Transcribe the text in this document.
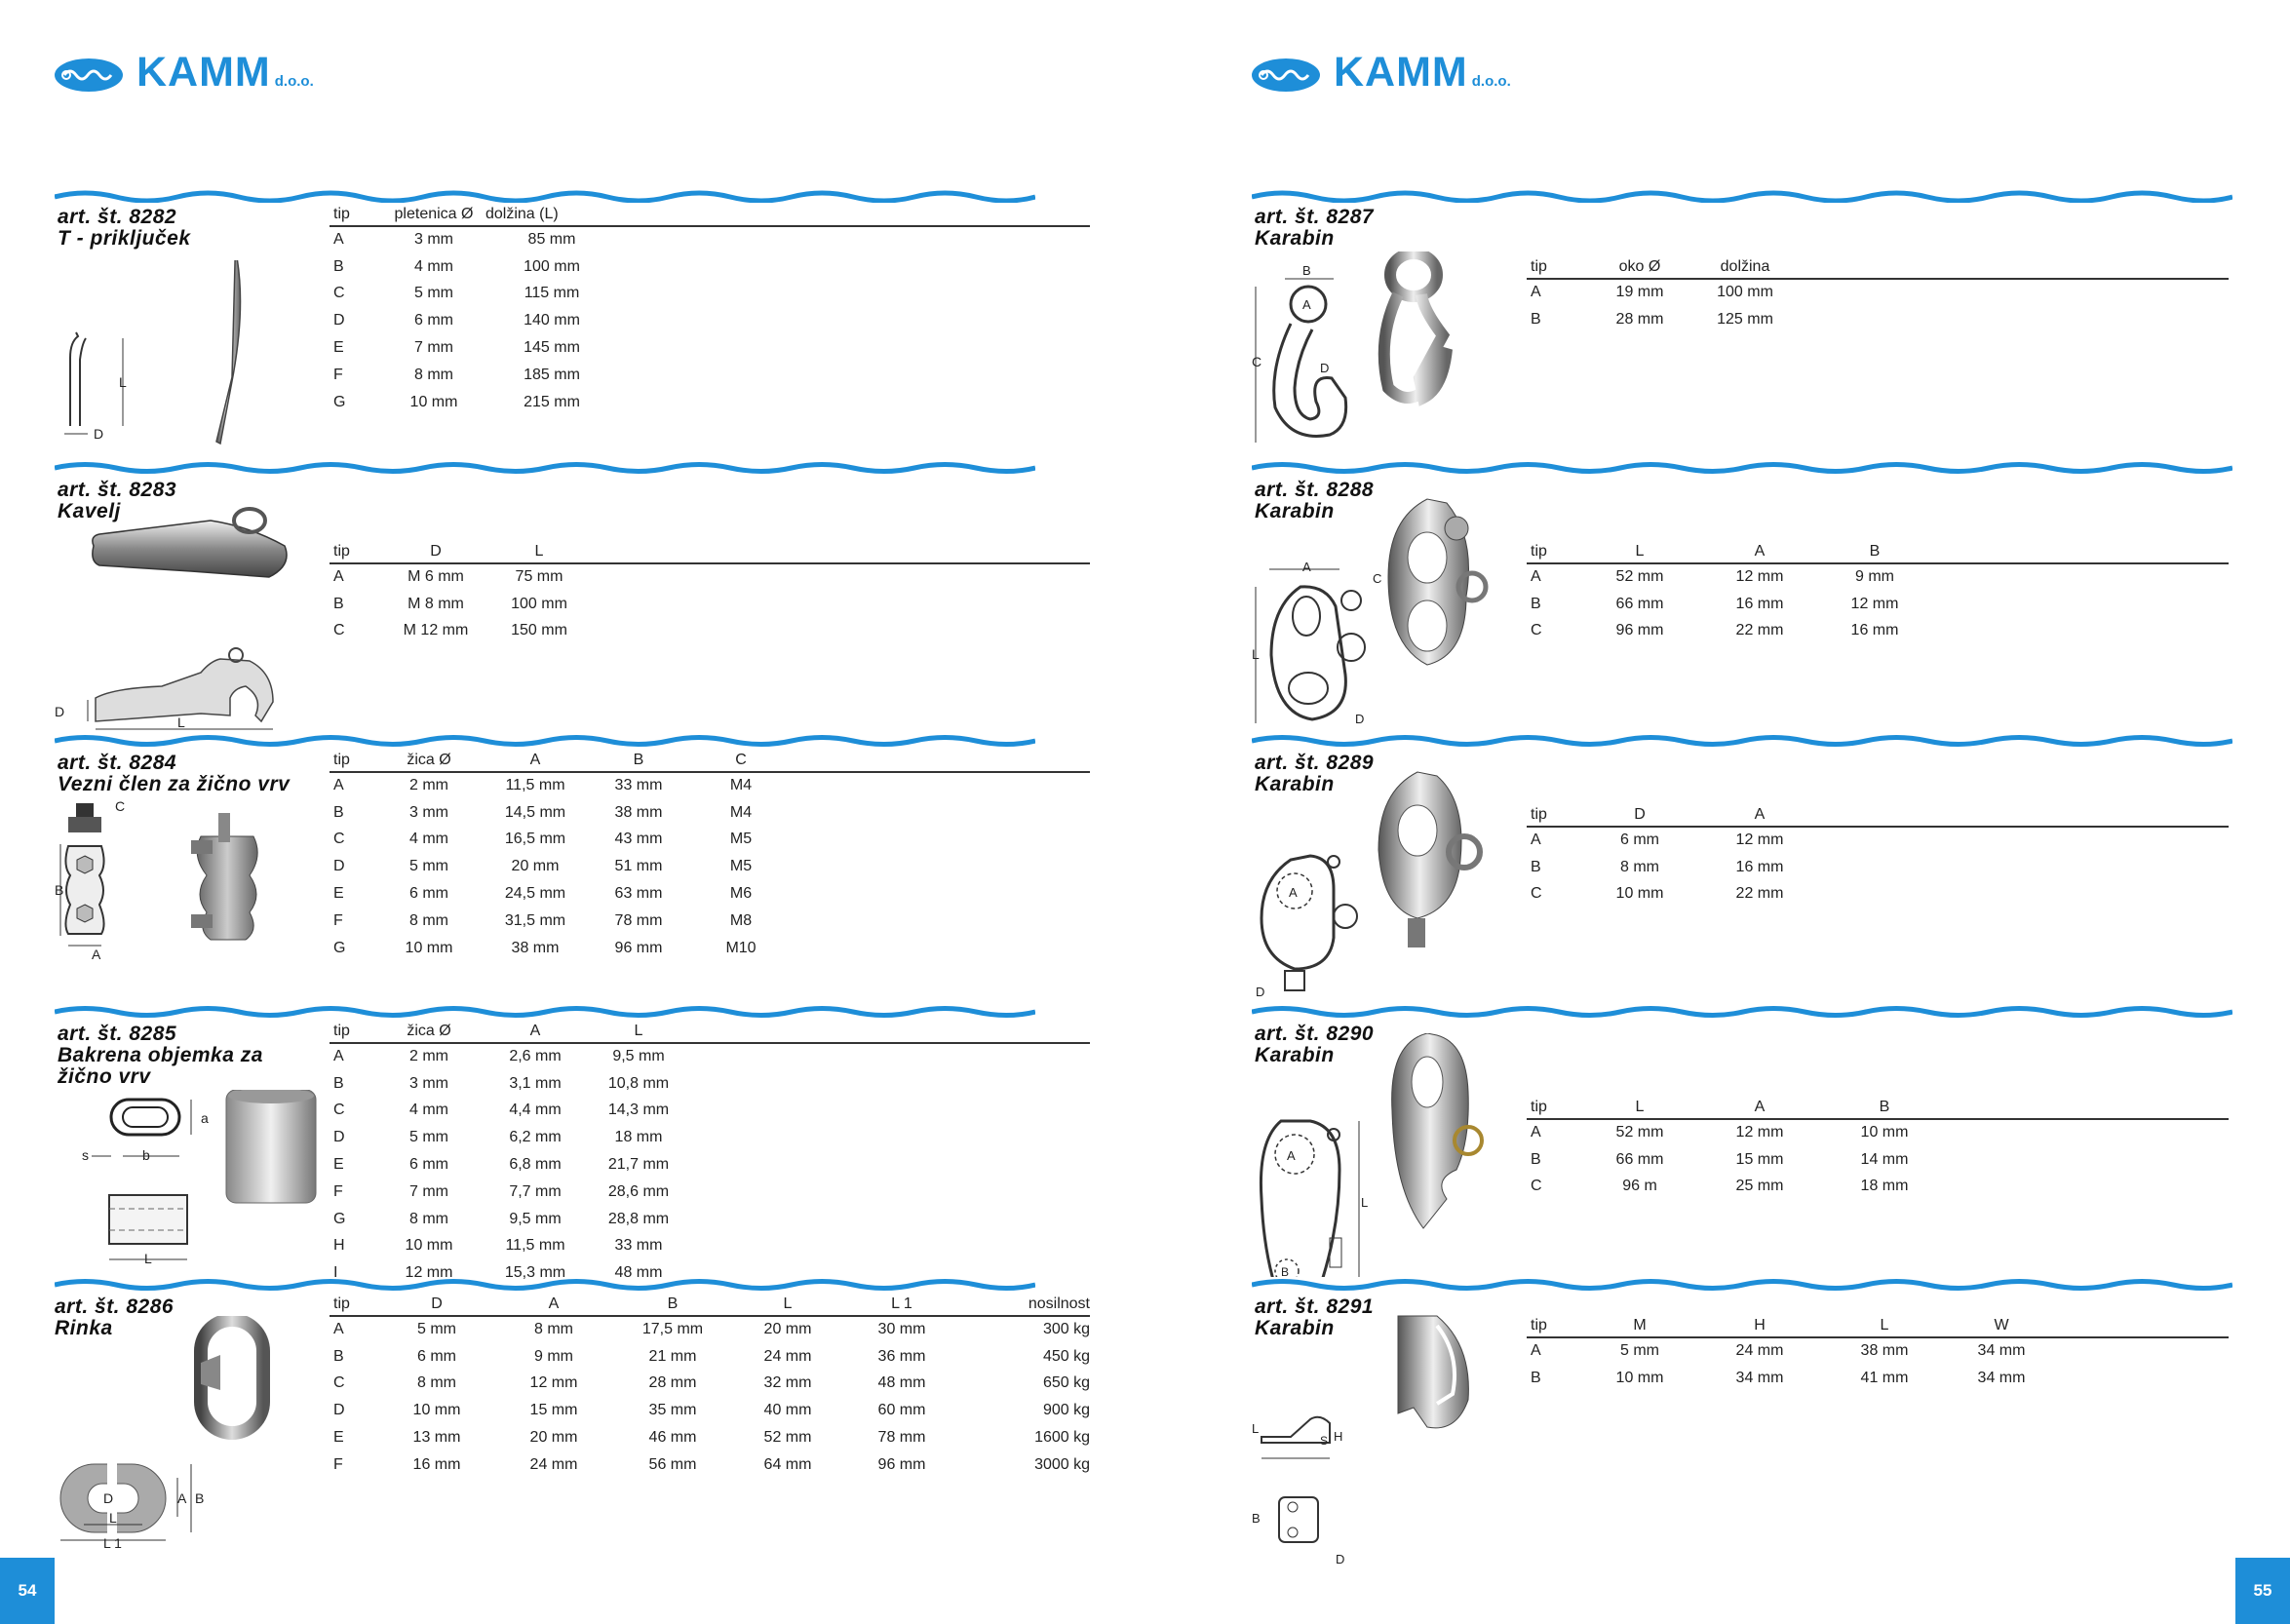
KAMM d.o.o.
art. št. 8282
T - priključek
L
D
tip	pletenica Ø	dolžina (L)	
A	3 mm	85 mm	
B	4 mm	100 mm	
C	5 mm	115 mm	
D	6 mm	140 mm	
E	7 mm	145 mm	
F	8 mm	185 mm	
G	10 mm	215 mm	
art. št. 8283
Kavelj
D
L
tip	D	L	
A	M 6 mm	75 mm	
B	M 8 mm	100 mm	
C	M 12 mm	150 mm	
art. št. 8284
Vezni člen za žično vrv
C
B
A
tip	žica Ø	A	B	C	
A	2 mm	11,5 mm	33 mm	M4	
B	3 mm	14,5 mm	38 mm	M4	
C	4 mm	16,5 mm	43 mm	M5	
D	5 mm	20 mm	51 mm	M5	
E	6 mm	24,5 mm	63 mm	M6	
F	8 mm	31,5 mm	78 mm	M8	
G	10 mm	38 mm	96 mm	M10	
art. št. 8285
Bakrena objemka za
žično vrv
a
s	b
L
tip	žica Ø	A	L	
A	2 mm	2,6 mm	9,5 mm	
B	3 mm	3,1 mm	10,8 mm	
C	4 mm	4,4 mm	14,3 mm	
D	5 mm	6,2 mm	18 mm	
E	6 mm	6,8 mm	21,7 mm	
F	7 mm	7,7 mm	28,6 mm	
G	8 mm	9,5 mm	28,8 mm	
H	10 mm	11,5 mm	33 mm	
I	12 mm	15,3 mm	48 mm	
art. št. 8286
Rinka
D	A B
L
L 1
tip	D	A	B	L	L 1	nosilnost
A	5 mm	8 mm	17,5 mm	20 mm	30 mm	300 kg
B	6 mm	9 mm	21 mm	24 mm	36 mm	450 kg
C	8 mm	12 mm	28 mm	32 mm	48 mm	650 kg
D	10 mm	15 mm	35 mm	40 mm	60 mm	900 kg
E	13 mm	20 mm	46 mm	52 mm	78 mm	1600 kg
F	16 mm	24 mm	56 mm	64 mm	96 mm	3000 kg
54
KAMM d.o.o.
art. št. 8287
Karabin
A
B
C	D
tip	oko Ø	dolžina	
A	19 mm	100 mm	
B	28 mm	125 mm	
art. št. 8288
Karabin
A
C
L
D
tip	L	A	B	
A	52 mm	12 mm	9 mm	
B	66 mm	16 mm	12 mm	
C	96 mm	22 mm	16 mm	
art. št. 8289
Karabin
A
D
tip	D	A	
A	6 mm	12 mm	
B	8 mm	16 mm	
C	10 mm	22 mm	
art. št. 8290
Karabin
A
L
B
tip	L	A	B	
A	52 mm	12 mm	10 mm	
B	66 mm	15 mm	14 mm	
C	96 m	25 mm	18 mm	
art. št. 8291
Karabin
L
S H
B
D
tip	M	H	L	W	
A	5 mm	24 mm	38 mm	34 mm	
B	10 mm	34 mm	41 mm	34 mm	
55
